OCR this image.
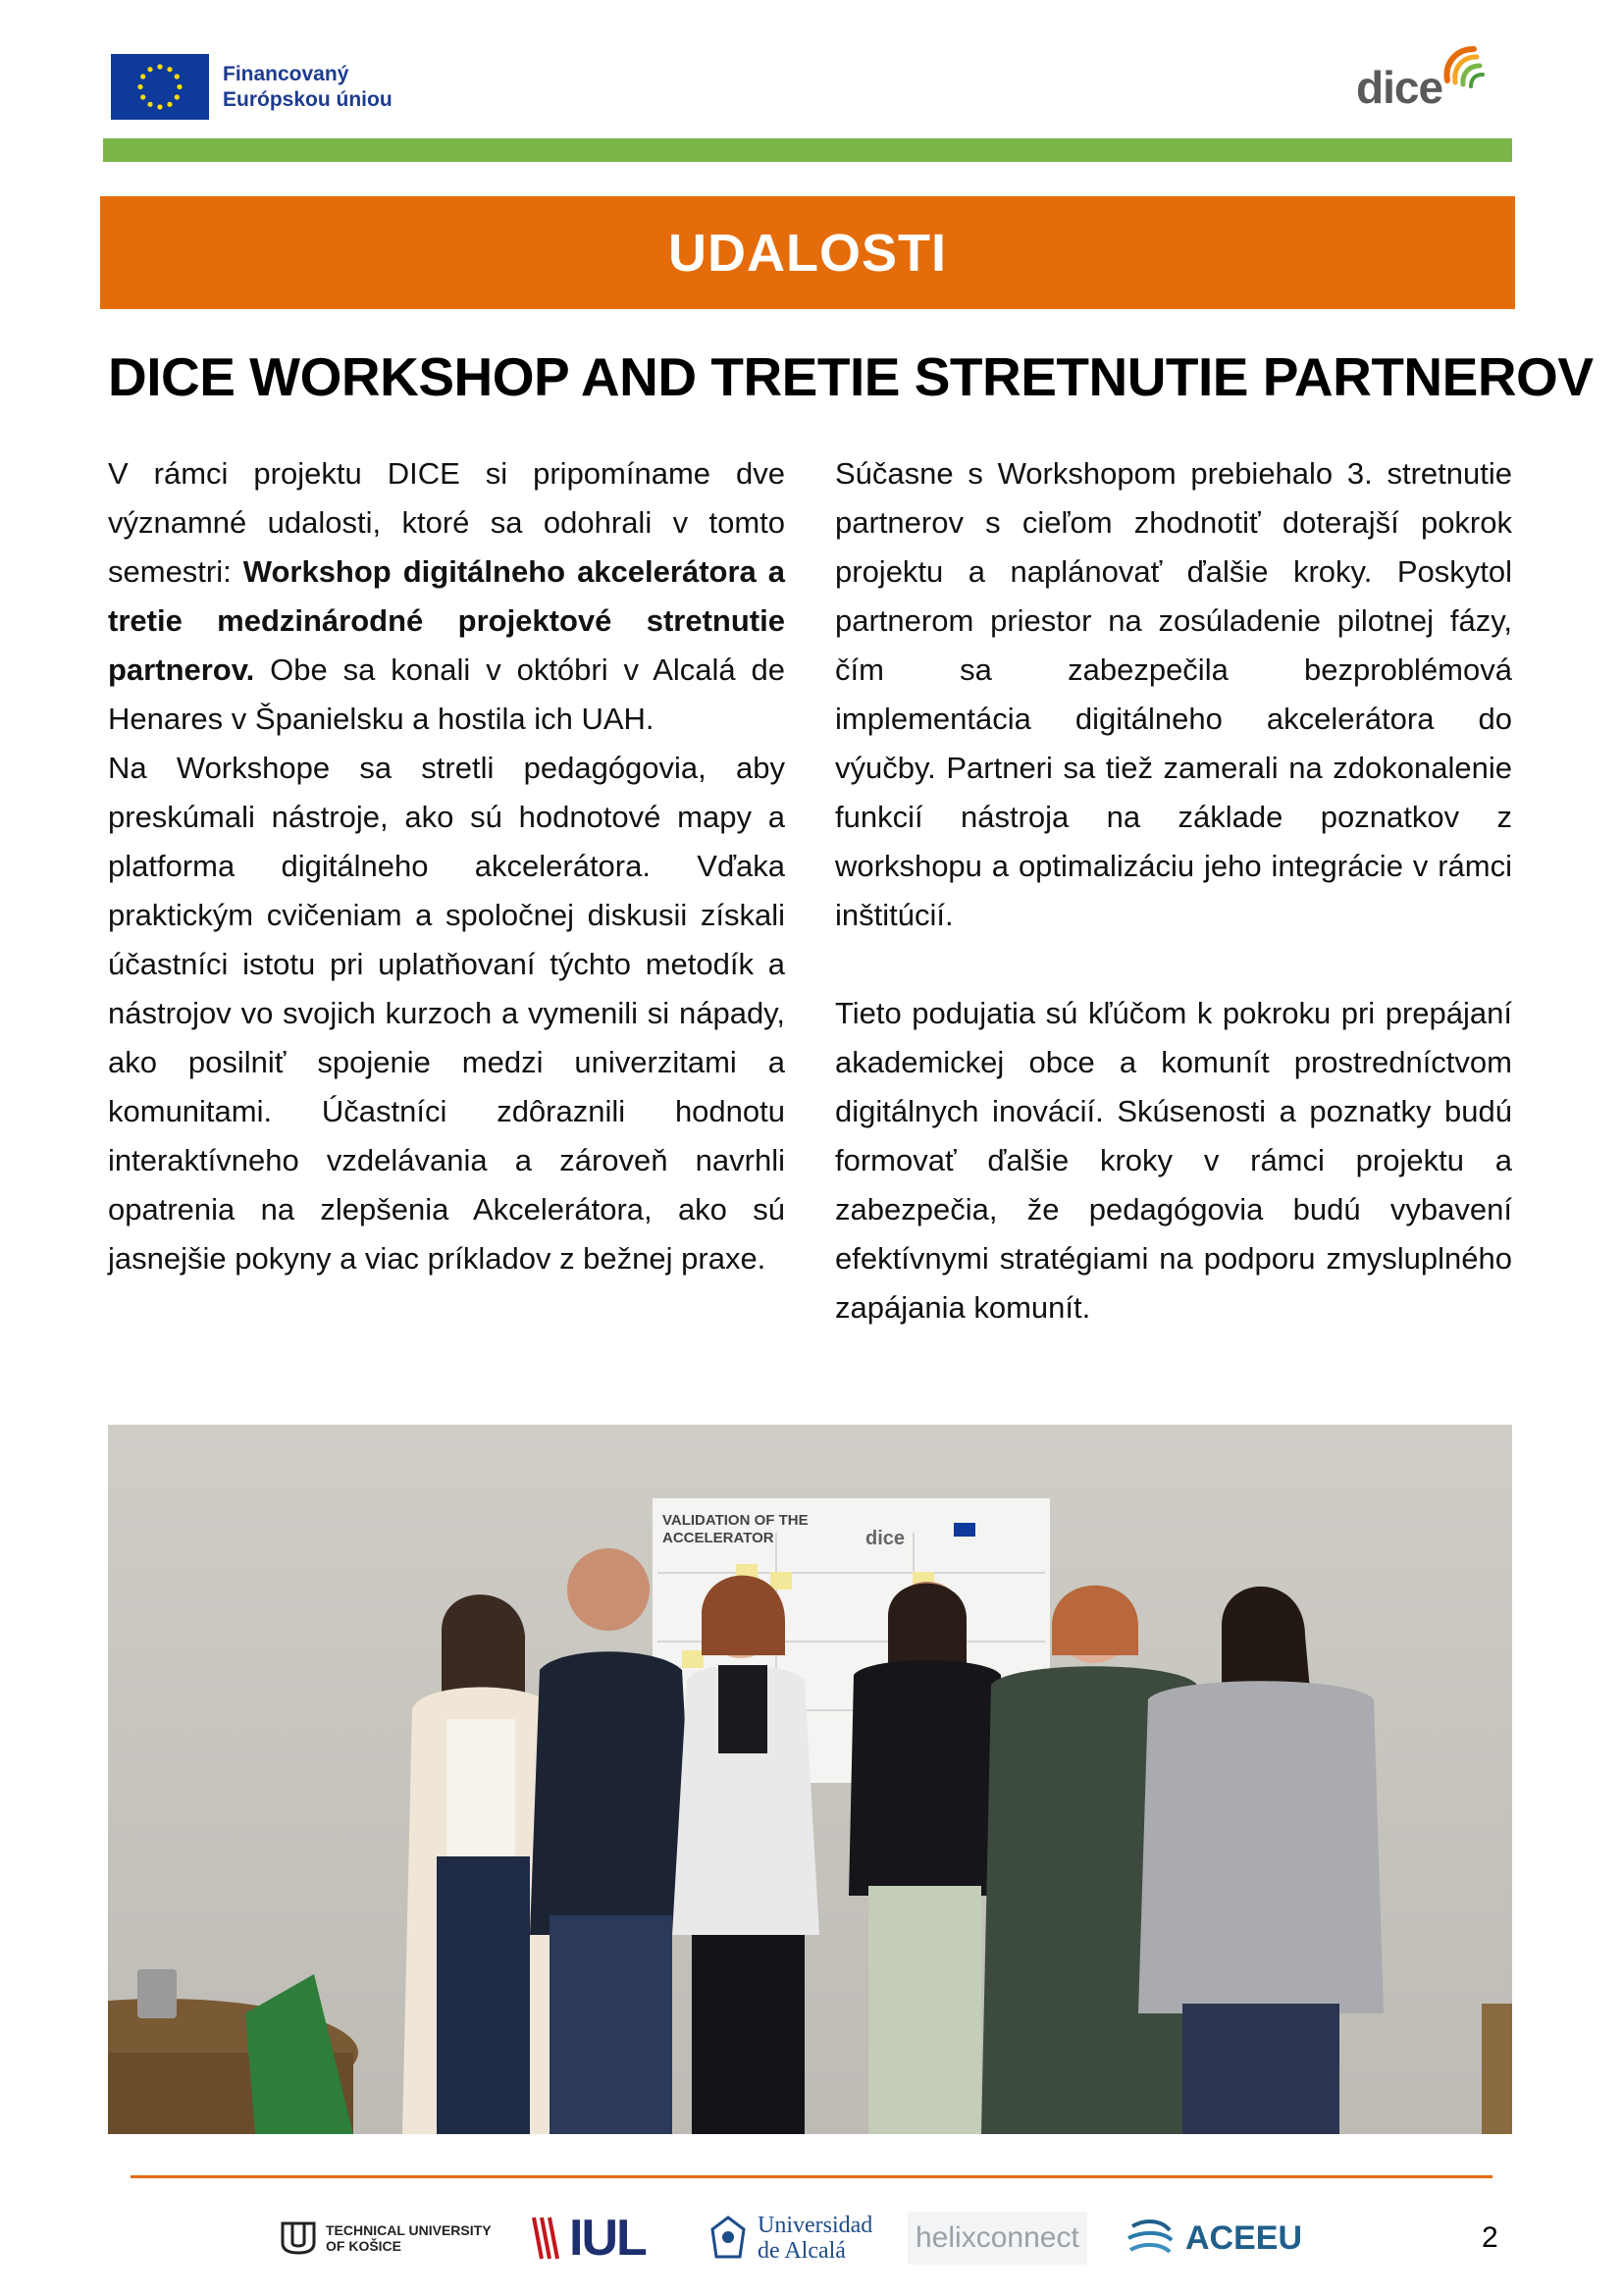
Financovaný
Európskou úniou	dice
UDALOSTI
DICE WORKSHOP AND TRETIE STRETNUTIE PARTNEROV

V rámci projektu DICE si pripomíname dve významné udalosti, ktoré sa odohrali v tomto semestri: Workshop digitálneho akcelerátora a tretie medzinárodné projektové stretnutie partnerov. Obe sa konali v októbri v Alcalá de Henares v Španielsku a hostila ich UAH.

Na Workshope sa stretli pedagógovia, aby preskúmali nástroje, ako sú hodnotové mapy a platforma digitálneho akcelerátora. Vďaka praktickým cvičeniam a spoločnej diskusii získali účastníci istotu pri uplatňovaní týchto metodík a nástrojov vo svojich kurzoch a vymenili si nápady, ako posilniť spojenie medzi univerzitami a komunitami. Účastníci zdôraznili hodnotu interaktívneho vzdelávania a zároveň navrhli opatrenia na zlepšenia Akcelerátora, ako sú jasnejšie pokyny a viac príkladov z bežnej praxe.

Súčasne s Workshopom prebiehalo 3. stretnutie partnerov s cieľom zhodnotiť doterajší pokrok projektu a naplánovať ďalšie kroky. Poskytol partnerom priestor na zosúladenie pilotnej fázy, čím sa zabezpečila bezproblémová implementácia digitálneho akcelerátora do výučby. Partneri sa tiež zamerali na zdokonalenie funkcií nástroja na základe poznatkov z workshopu a optimalizáciu jeho integrácie v rámci inštitúcií.

Tieto podujatia sú kľúčom k pokroku pri prepájaní akademickej obce a komunít prostredníctvom digitálnych inovácií. Skúsenosti a poznatky budú formovať ďalšie kroky v rámci projektu a zabezpečia, že pedagógovia budú vybavení efektívnymi stratégiami na podporu zmysluplného zapájania komunít.

VALIDATION OF THE
ACCELERATOR	dice
TECHNICAL UNIVERSITY
OF KOŠICE	IUL	Universidad
de Alcalá	helixconnect	ACEEU	2
